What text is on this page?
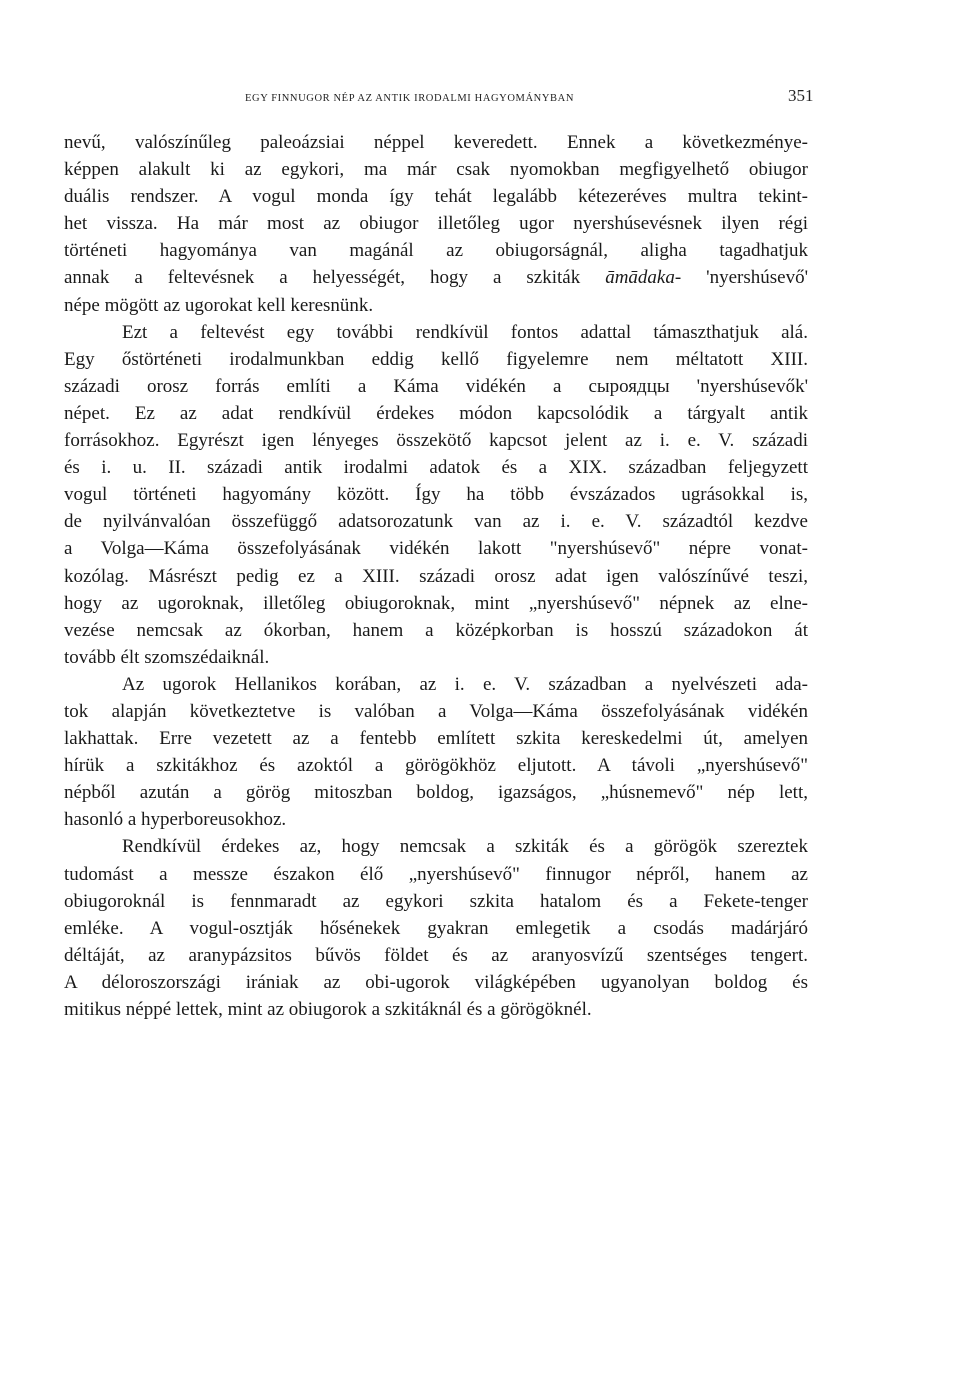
EGY FINNUGOR NÉP AZ ANTIK IRODALMI HAGYOMÁNYBAN	351
nevű, valószínűleg paleoázsiai néppel keveredett. Ennek a következménye-
képpen alakult ki az egykori, ma már csak nyomokban megfigyelhető obiugor
duális rendszer. A vogul monda így tehát legalább kétezeréves multra tekint-
het vissza. Ha már most az obiugor illetőleg ugor nyershúsevésnek ilyen régi
történeti hagyománya van magánál az obiugorságnál, aligha tagadhatjuk
annak a feltevésnek a helyességét, hogy a szkiták āmādaka- 'nyershúsevő'
népe mögött az ugorokat kell keresnünk.
Ezt a feltevést egy további rendkívül fontos adattal támaszthatjuk alá.
Egy őstörténeti irodalmunkban eddig kellő figyelemre nem méltatott XIII.
századi orosz forrás említi a Káma vidékén a сыроядцы 'nyershúsevők'
népet. Ez az adat rendkívül érdekes módon kapcsolódik a tárgyalt antik
forrásokhoz. Egyrészt igen lényeges összekötő kapcsot jelent az i. e. V. századi
és i. u. II. századi antik irodalmi adatok és a XIX. században feljegyzett
vogul történeti hagyomány között. Így ha több évszázados ugrásokkal is,
de nyilvánvalóan összefüggő adatsorozatunk van az i. e. V. századtól kezdve
a Volga—Káma összefolyásának vidékén lakott "nyershúsevő" népre vonat-
kozólag. Másrészt pedig ez a XIII. századi orosz adat igen valószínűvé teszi,
hogy az ugoroknak, illetőleg obiugoroknak, mint „nyershúsevő" népnek az elne-
vezése nemcsak az ókorban, hanem a középkorban is hosszú századokon át
tovább élt szomszédaiknál.
Az ugorok Hellanikos korában, az i. e. V. században a nyelvészeti ada-
tok alapján következtetve is valóban a Volga—Káma összefolyásának vidékén
lakhattak. Erre vezetett az a fentebb említett szkita kereskedelmi út, amelyen
hírük a szkitákhoz és azoktól a görögökhöz eljutott. A távoli „nyershúsevő"
népből azután a görög mitoszban boldog, igazságos, „húsnemevő" nép lett,
hasonló a hyperboreusokhoz.
Rendkívül érdekes az, hogy nemcsak a szkiták és a görögök szereztek
tudomást a messze északon élő „nyershúsevő" finnugor népről, hanem az
obiugoroknál is fennmaradt az egykori szkita hatalom és a Fekete-tenger
emléke. A vogul-osztják hősénekek gyakran emlegetik a csodás madárjáró
déltáját, az aranypázsitos bűvös földet és az aranyosvízű szentséges tengert.
A déloroszországi irániak az obi-ugorok világképében ugyanolyan boldog és
mitikus néppé lettek, mint az obiugorok a szkitáknál és a görögöknél.
